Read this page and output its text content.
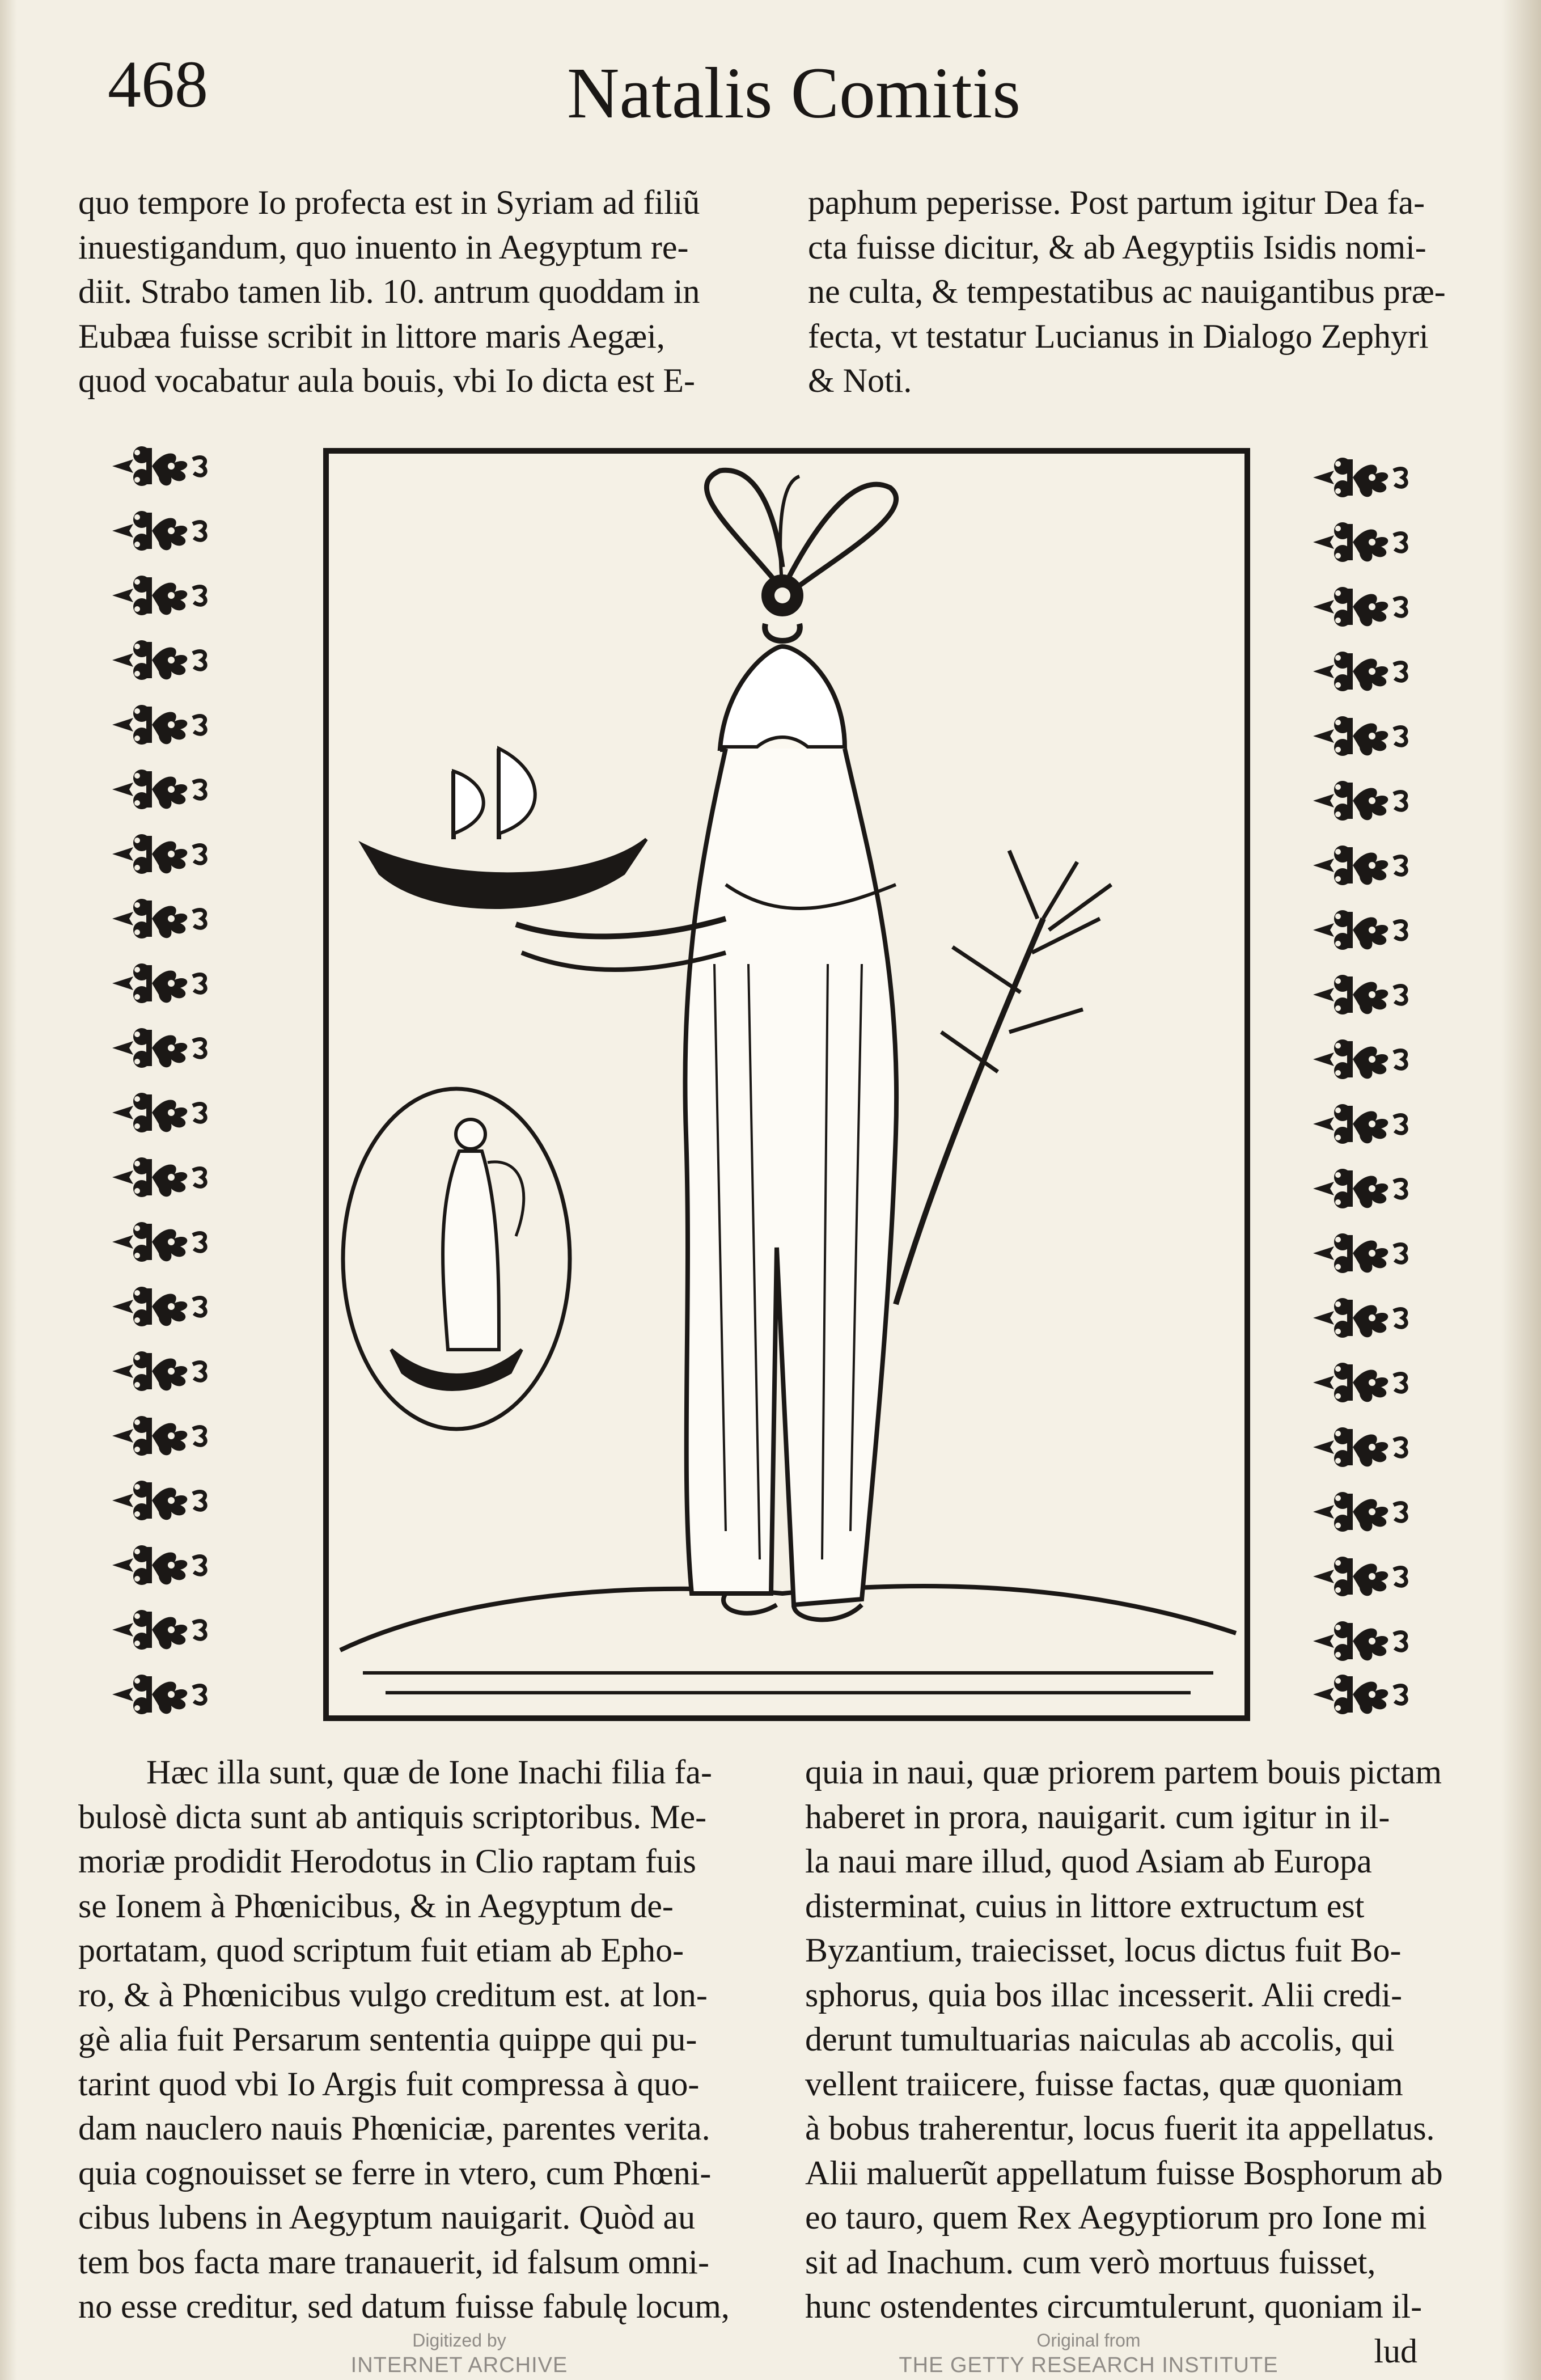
468	Natalis Comitis

quo tempore Io profecta est in Syriam ad filiũ

inuestigandum, quo inuento in Aegyptum re-

diit. Strabo tamen lib. 10. antrum quoddam in

Eubæa fuisse scribit in littore maris Aegæi,

quod vocabatur aula bouis, vbi Io dicta est E-

paphum peperisse. Post partum igitur Dea fa-

cta fuisse dicitur, & ab Aegyptiis Isidis nomi-

ne culta, & tempestatibus ac nauigantibus præ-

fecta, vt testatur Lucianus in Dialogo Zephyri

& Noti.

Hæc illa sunt, quæ de Ione Inachi filia fa-

bulosè dicta sunt ab antiquis scriptoribus. Me-

moriæ prodidit Herodotus in Clio raptam fuis

se Ionem à Phœnicibus, & in Aegyptum de-

portatam, quod scriptum fuit etiam ab Epho-

ro, & à Phœnicibus vulgo creditum est. at lon-

gè alia fuit Persarum sententia quippe qui pu-

tarint quod vbi Io Argis fuit compressa à quo-

dam nauclero nauis Phœniciæ, parentes verita.

quia cognouisset se ferre in vtero, cum Phœni-

cibus lubens in Aegyptum nauigarit. Quòd au

tem bos facta mare tranauerit, id falsum omni-

no esse creditur, sed datum fuisse fabulę locum,

quia in naui, quæ priorem partem bouis pictam

haberet in prora, nauigarit. cum igitur in il-

la naui mare illud, quod Asiam ab Europa

disterminat, cuius in littore extructum est

Byzantium, traiecisset, locus dictus fuit Bo-

sphorus, quia bos illac incesserit. Alii credi-

derunt tumultuarias naiculas ab accolis, qui

vellent traiicere, fuisse factas, quæ quoniam

à bobus traherentur, locus fuerit ita appellatus.

Alii maluerũt appellatum fuisse Bosphorum ab

eo tauro, quem Rex Aegyptiorum pro Ione mi

sit ad Inachum. cum verò mortuus fuisset,

hunc ostendentes circumtulerunt, quoniam il-

lud

Digitized by
INTERNET ARCHIVE
Original from
THE GETTY RESEARCH INSTITUTE
